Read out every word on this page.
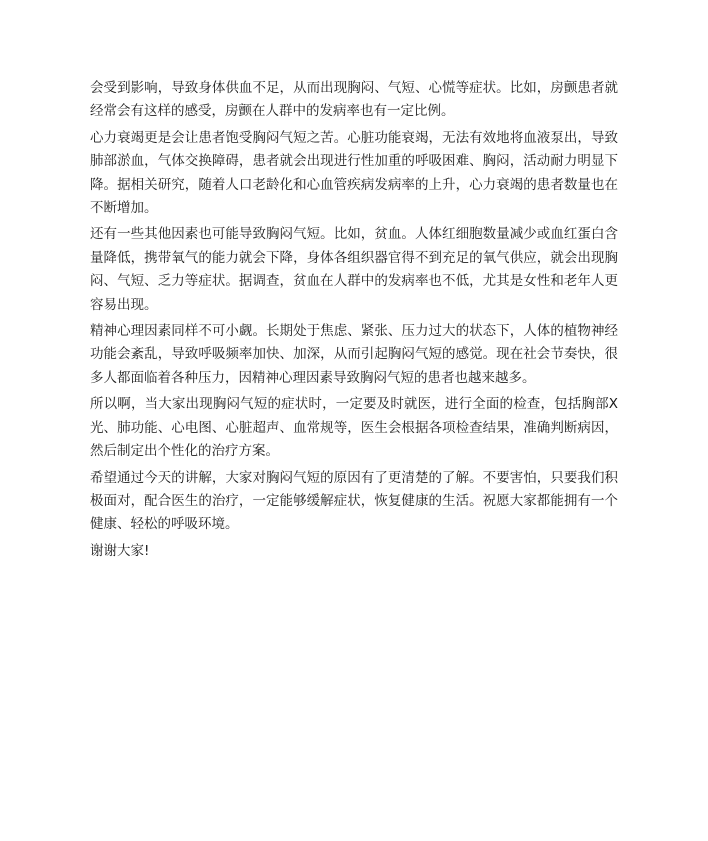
会受到影响，导致身体供血不足，从而出现胸闷、气短、心慌等症状。比如，房颤患者就经常会有这样的感受，房颤在人群中的发病率也有一定比例。

心力衰竭更是会让患者饱受胸闷气短之苦。心脏功能衰竭，无法有效地将血液泵出，导致肺部淤血，气体交换障碍，患者就会出现进行性加重的呼吸困难、胸闷，活动耐力明显下降。据相关研究，随着人口老龄化和心血管疾病发病率的上升，心力衰竭的患者数量也在不断增加。

还有一些其他因素也可能导致胸闷气短。比如，贫血。人体红细胞数量减少或血红蛋白含量降低，携带氧气的能力就会下降，身体各组织器官得不到充足的氧气供应，就会出现胸闷、气短、乏力等症状。据调查，贫血在人群中的发病率也不低，尤其是女性和老年人更容易出现。

精神心理因素同样不可小觑。长期处于焦虑、紧张、压力过大的状态下，人体的植物神经功能会紊乱，导致呼吸频率加快、加深，从而引起胸闷气短的感觉。现在社会节奏快，很多人都面临着各种压力，因精神心理因素导致胸闷气短的患者也越来越多。

所以啊，当大家出现胸闷气短的症状时，一定要及时就医，进行全面的检查，包括胸部X 光、肺功能、心电图、心脏超声、血常规等，医生会根据各项检查结果，准确判断病因，然后制定出个性化的治疗方案。

希望通过今天的讲解，大家对胸闷气短的原因有了更清楚的了解。不要害怕，只要我们积极面对，配合医生的治疗，一定能够缓解症状，恢复健康的生活。祝愿大家都能拥有一个健康、轻松的呼吸环境。

谢谢大家!
